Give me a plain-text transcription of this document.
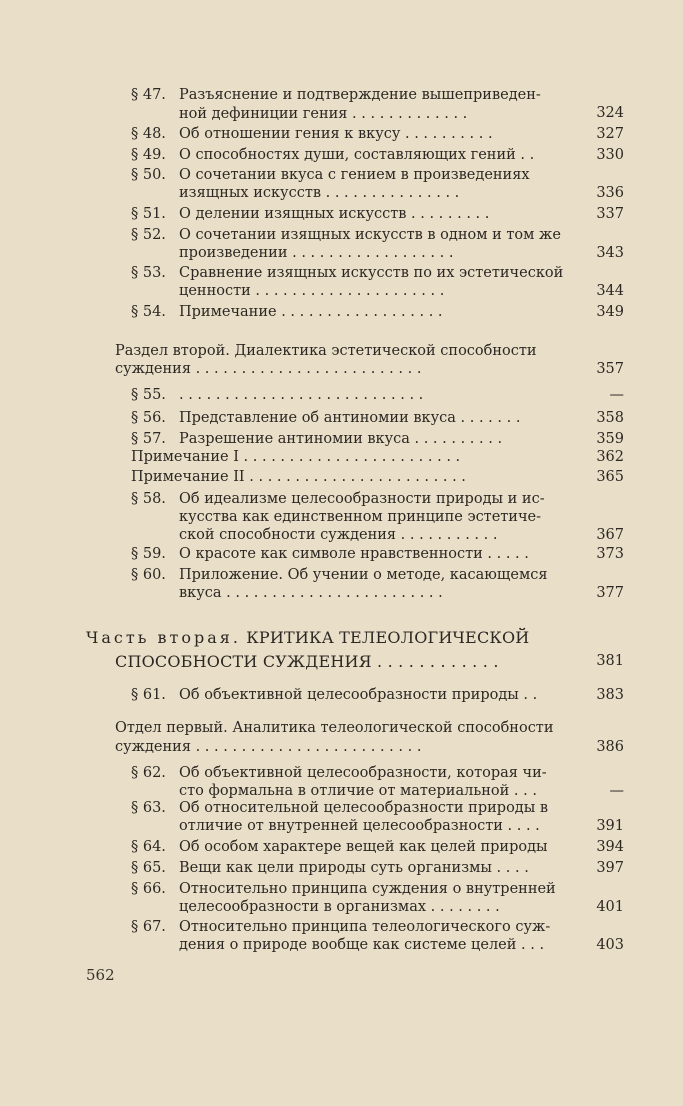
§ 47. Разъяснение и подтверждение вышеприведен-
ной дефиниции гения . . . . . . . . . . . . .	324
§ 48. Об отношении гения к вкусу . . . . . . . . . .	327
§ 49. О способностях души, составляющих гений . .	330
§ 50. О сочетании вкуса с гением в произведениях
изящных искусств . . . . . . . . . . . . . . .	336
§ 51. О делении изящных искусств . . . . . . . . .	337
§ 52. О сочетании изящных искусств в одном и том же
произведении . . . . . . . . . . . . . . . . . .	343
§ 53. Сравнение изящных искусств по их эстетической
ценности . . . . . . . . . . . . . . . . . . . . .	344
§ 54. Примечание . . . . . . . . . . . . . . . . . .	349
Раздел второй. Диалектика эстетической способности
суждения . . . . . . . . . . . . . . . . . . . . . . . . .	357
§ 55. . . . . . . . . . . . . . . . . . . . . . . . . . . .	—
§ 56. Представление об антиномии вкуса . . . . . . .	358
§ 57. Разрешение антиномии вкуса . . . . . . . . . .	359
Примечание I . . . . . . . . . . . . . . . . . . . . . . . .	362
Примечание II . . . . . . . . . . . . . . . . . . . . . . . .	365
§ 58. Об идеализме целесообразности природы и ис-
кусства как единственном принципе эстетиче-
ской способности суждения . . . . . . . . . . .	367
§ 59. О красоте как символе нравственности . . . . .	373
§ 60. Приложение. Об учении о методе, касающемся
вкуса . . . . . . . . . . . . . . . . . . . . . . . .	377
Часть вторая. КРИТИКА ТЕЛЕОЛОГИЧЕСКОЙ
СПОСОБНОСТИ СУЖДЕНИЯ . . . . . . . . . . . .	381
§ 61. Об объективной целесообразности природы . .	383
Отдел первый. Аналитика телеологической способности
суждения . . . . . . . . . . . . . . . . . . . . . . . . .	386
§ 62. Об объективной целесообразности, которая чи-
сто формальна в отличие от материальной . . .	—
§ 63. Об относительной целесообразности природы в
отличие от внутренней целесообразности . . . .	391
§ 64. Об особом характере вещей как целей природы	394
§ 65. Вещи как цели природы суть организмы . . . .	397
§ 66. Относительно принципа суждения о внутренней
целесообразности в организмах . . . . . . . .	401
§ 67. Относительно принципа телеологического суж-
дения о природе вообще как системе целей . . .	403
562
